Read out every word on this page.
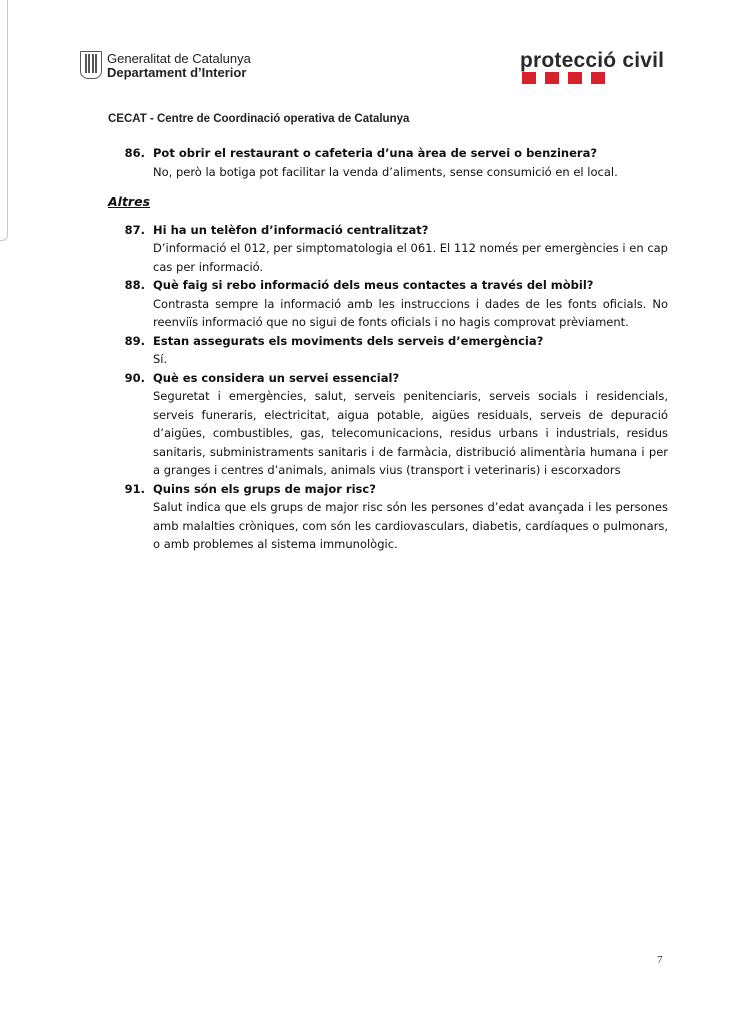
Generalitat de Catalunya
Departament d’Interior
protecció civil
CECAT - Centre de Coordinació operativa de Catalunya
86. Pot obrir el restaurant o cafeteria d’una àrea de servei o benzinera?
No, però la botiga pot facilitar la venda d’aliments, sense consumició en el local.
Altres
87. Hi ha un telèfon d’informació centralitzat?
D’informació el 012, per simptomatologia el 061. El 112 només per emergències i en cap cas per informació.
88. Què faig si rebo informació dels meus contactes a través del mòbil?
Contrasta sempre la informació amb les instruccions i dades de les fonts oficials. No reenviïs informació que no sigui de fonts oficials i no hagis comprovat prèviament.
89. Estan assegurats els moviments dels serveis d’emergència?
Sí.
90. Què es considera un servei essencial?
Seguretat i emergències, salut, serveis penitenciaris, serveis socials i residencials, serveis funeraris, electricitat, aigua potable, aigües residuals, serveis de depuració d’aigües, combustibles, gas, telecomunicacions, residus urbans i industrials, residus sanitaris, subministraments sanitaris i de farmàcia, distribució alimentària humana i per a granges i centres d’animals, animals vius (transport i veterinaris) i escorxadors
91. Quins són els grups de major risc?
Salut indica que els grups de major risc són les persones d’edat avançada i les persones amb malalties cròniques, com són les cardiovasculars, diabetis, cardíaques o pulmonars, o amb problemes al sistema immunològic.
7
